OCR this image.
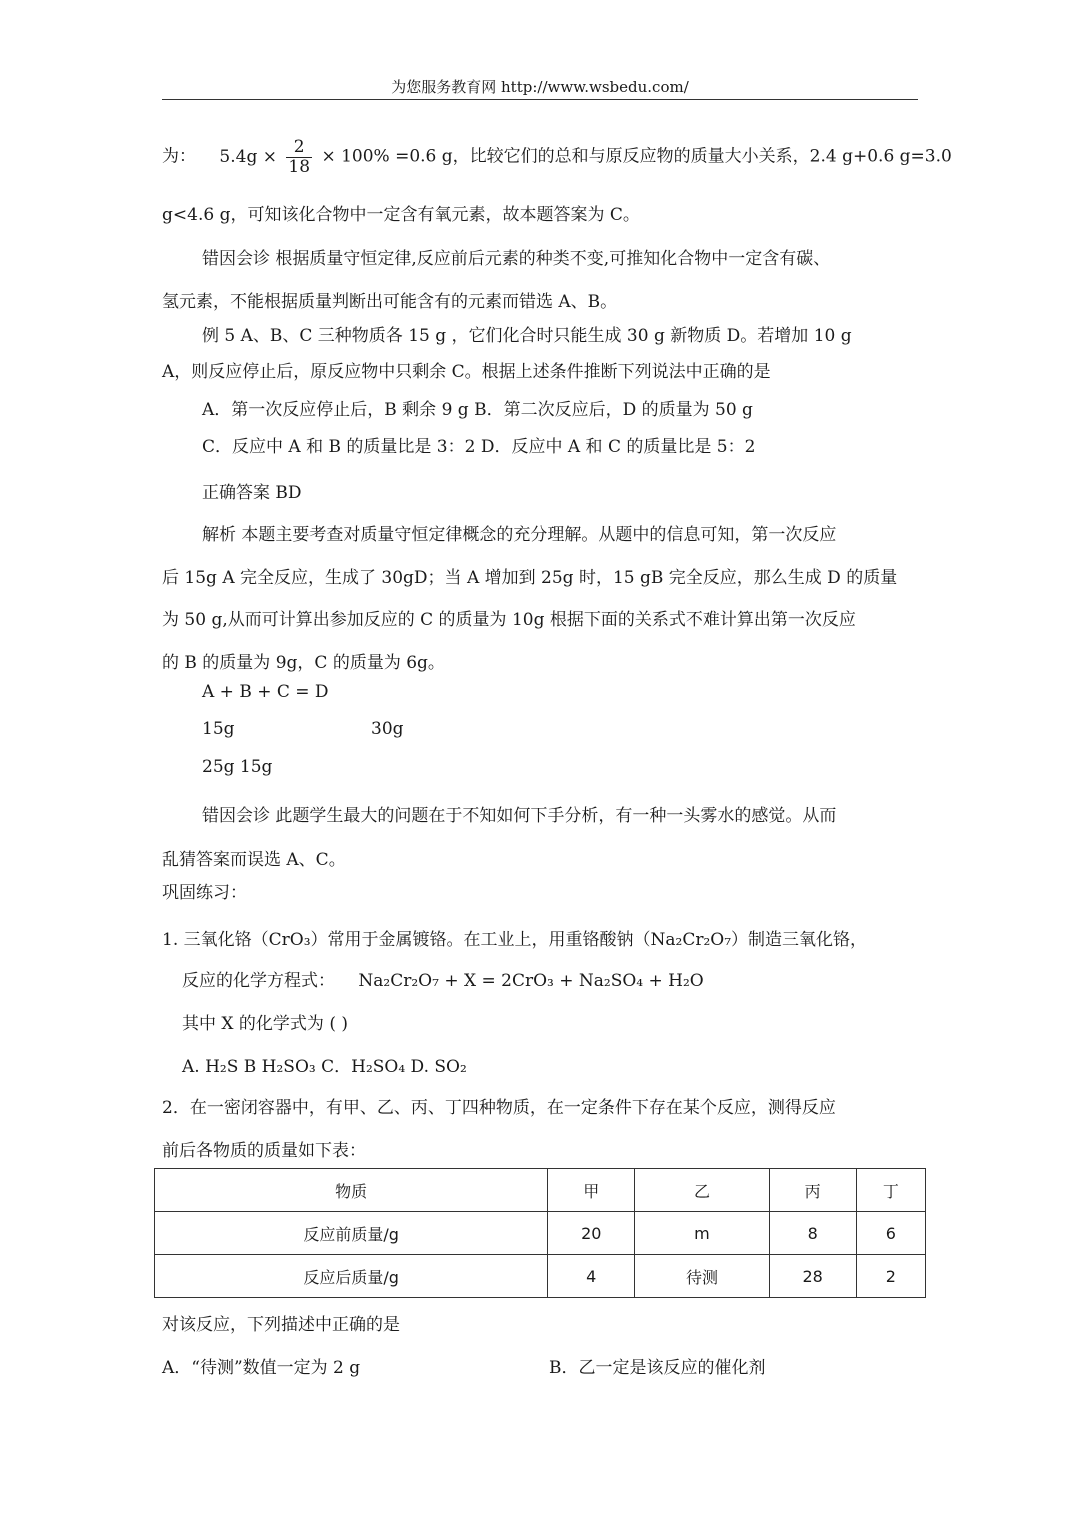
为您服务教育网 http://www.wsbedu.com/
为： $5.4g \times \frac{2}{18} \times 100\% =0.6$ g，比较它们的总和与原反应物的质量大小关系，2.4 g+0.6 g=3.0
g<4.6 g，可知该化合物中一定含有氧元素，故本题答案为 C。
错因会诊 根据质量守恒定律,反应前后元素的种类不变,可推知化合物中一定含有碳、
氢元素，不能根据质量判断出可能含有的元素而错选 A、B。
例 5 A、B、C 三种物质各 15 g ，它们化合时只能生成 30 g 新物质 D。若增加 10 g
A，则反应停止后，原反应物中只剩余 C。根据上述条件推断下列说法中正确的是
A．第一次反应停止后，B 剩余 9 g B．第二次反应后，D 的质量为 50 g
C．反应中 A 和 B 的质量比是 3：2 D．反应中 A 和 C 的质量比是 5：2
正确答案 BD
解析 本题主要考查对质量守恒定律概念的充分理解。从题中的信息可知，第一次反应
后 15g A 完全反应，生成了 30gD；当 A 增加到 25g 时，15 gB 完全反应，那么生成 D 的质量
为 50 g,从而可计算出参加反应的 C 的质量为 10g 根据下面的关系式不难计算出第一次反应
的 B 的质量为 9g，C 的质量为 6g。
A + B + C = D
15g	30g
25g 15g
错因会诊 此题学生最大的问题在于不知如何下手分析，有一种一头雾水的感觉。从而
乱猜答案而误选 A、C。
巩固练习：
1. 三氧化铬（CrO₃）常用于金属镀铬。在工业上，用重铬酸钠（Na₂Cr₂O₇）制造三氧化铬，
反应的化学方程式： Na₂Cr₂O₇ + X = 2CrO₃ + Na₂SO₄ + H₂O
其中 X 的化学式为 ( )
A. H₂S B H₂SO₃ C．H₂SO₄ D. SO₂
2．在一密闭容器中，有甲、乙、丙、丁四种物质，在一定条件下存在某个反应，测得反应
前后各物质的质量如下表：
物质	甲	乙	丙	丁
反应前质量/g	20	m	8	6
反应后质量/g	4	待测	28	2
对该反应，下列描述中正确的是
A．“待测”数值一定为 2 g	B．乙一定是该反应的催化剂
